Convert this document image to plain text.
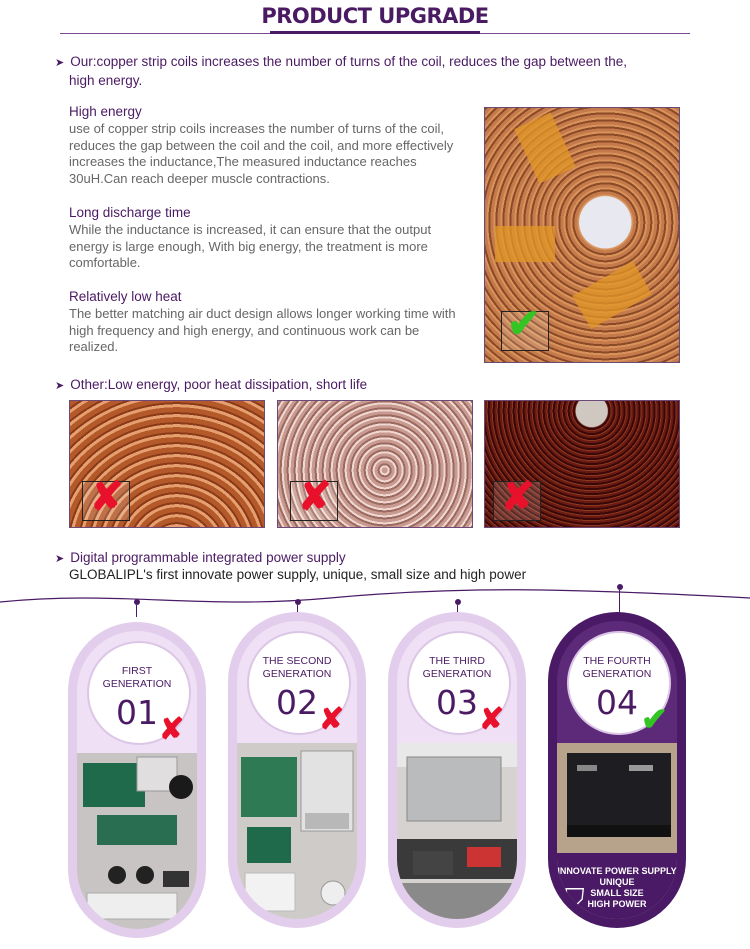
PRODUCT UPGRADE
➤ Our:copper strip coils increases the number of turns of the coil, reduces the gap between the,
high energy.
High energy
use of copper strip coils increases the number of turns of the coil, reduces the gap between the coil and the coil, and more effectively increases the inductance,The measured inductance reaches 30uH.Can reach deeper muscle contractions.
Long discharge time
While the inductance is increased, it can ensure that the output energy is large enough, With big energy, the treatment is more comfortable.
Relatively low heat
The better matching air duct design allows longer working time with high frequency and high energy, and continuous work can be realized.
✔
➤ Other:Low energy, poor heat dissipation, short life
✘	✘	✘
➤ Digital programmable integrated power supply
GLOBALIPL's first innovate power supply, unique, small size and high power
FIRST
GENERATION
01 ✘
THE SECOND
GENERATION
02 ✘
THE THIRD
GENERATION
03 ✘
THE FOURTH
GENERATION
04 ✔
INNOVATE POWER SUPPLY
UNIQUE
SMALL SIZE
HIGH POWER
⛉
